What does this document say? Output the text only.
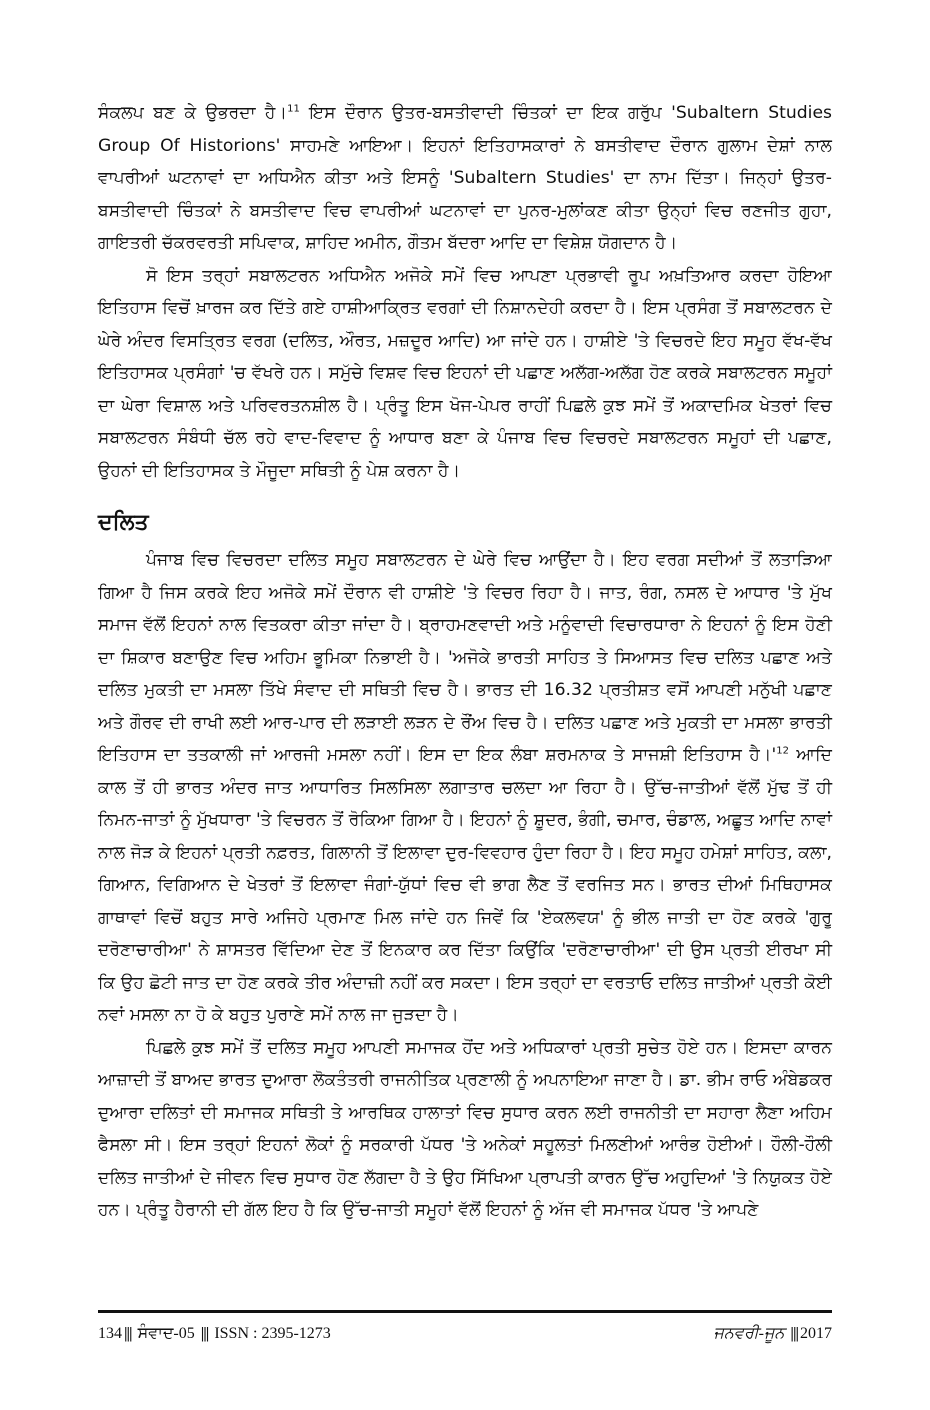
ਸੰਕਲਪ ਬਣ ਕੇ ਉਭਰਦਾ ਹੈ।$^{11}$ ਇਸ ਦੌਰਾਨ ਉਤਰ-ਬਸਤੀਵਾਦੀ ਚਿੰਤਕਾਂ ਦਾ ਇਕ ਗਰੁੱਪ 'Subaltern Studies Group Of Historions' ਸਾਹਮਣੇ ਆਇਆ। ਇਹਨਾਂ ਇਤਿਹਾਸਕਾਰਾਂ ਨੇ ਬਸਤੀਵਾਦ ਦੌਰਾਨ ਗੁਲਾਮ ਦੇਸ਼ਾਂ ਨਾਲ ਵਾਪਰੀਆਂ ਘਟਨਾਵਾਂ ਦਾ ਅਧਿਐਨ ਕੀਤਾ ਅਤੇ ਇਸਨੂੰ 'Subaltern Studies' ਦਾ ਨਾਮ ਦਿੱਤਾ। ਜਿਨ੍ਹਾਂ ਉਤਰ-ਬਸਤੀਵਾਦੀ ਚਿੰਤਕਾਂ ਨੇ ਬਸਤੀਵਾਦ ਵਿਚ ਵਾਪਰੀਆਂ ਘਟਨਾਵਾਂ ਦਾ ਪੁਨਰ-ਮੁਲਾਂਕਣ ਕੀਤਾ ਉਨ੍ਹਾਂ ਵਿਚ ਰਣਜੀਤ ਗੁਹਾ, ਗਾਇਤਰੀ ਚੱਕਰਵਰਤੀ ਸਪਿਵਾਕ, ਸ਼ਾਹਿਦ ਅਮੀਨ, ਗੌਤਮ ਬੱਦਰਾ ਆਦਿ ਦਾ ਵਿਸ਼ੇਸ਼ ਯੋਗਦਾਨ ਹੈ।

ਸੋ ਇਸ ਤਰ੍ਹਾਂ ਸਬਾਲਟਰਨ ਅਧਿਐਨ ਅਜੋਕੇ ਸਮੇਂ ਵਿਚ ਆਪਣਾ ਪ੍ਰਭਾਵੀ ਰੂਪ ਅਖ਼ਤਿਆਰ ਕਰਦਾ ਹੋਇਆ ਇਤਿਹਾਸ ਵਿਚੋਂ ਖ਼ਾਰਜ ਕਰ ਦਿੱਤੇ ਗਏ ਹਾਸ਼ੀਆਕ੍ਰਿਤ ਵਰਗਾਂ ਦੀ ਨਿਸ਼ਾਨਦੇਹੀ ਕਰਦਾ ਹੈ। ਇਸ ਪ੍ਰਸੰਗ ਤੋਂ ਸਬਾਲਟਰਨ ਦੇ ਘੇਰੇ ਅੰਦਰ ਵਿਸਤ੍ਰਿਤ ਵਰਗ (ਦਲਿਤ, ਔਰਤ, ਮਜ਼ਦੂਰ ਆਦਿ) ਆ ਜਾਂਦੇ ਹਨ। ਹਾਸ਼ੀਏ 'ਤੇ ਵਿਚਰਦੇ ਇਹ ਸਮੂਹ ਵੱਖ-ਵੱਖ ਇਤਿਹਾਸਕ ਪ੍ਰਸੰਗਾਂ 'ਚ ਵੱਖਰੇ ਹਨ। ਸਮੁੱਚੇ ਵਿਸ਼ਵ ਵਿਚ ਇਹਨਾਂ ਦੀ ਪਛਾਣ ਅਲੱਗ-ਅਲੱਗ ਹੋਣ ਕਰਕੇ ਸਬਾਲਟਰਨ ਸਮੂਹਾਂ ਦਾ ਘੇਰਾ ਵਿਸ਼ਾਲ ਅਤੇ ਪਰਿਵਰਤਨਸ਼ੀਲ ਹੈ। ਪ੍ਰੰਤੂ ਇਸ ਖੋਜ-ਪੇਪਰ ਰਾਹੀਂ ਪਿਛਲੇ ਕੁਝ ਸਮੇਂ ਤੋਂ ਅਕਾਦਮਿਕ ਖੇਤਰਾਂ ਵਿਚ ਸਬਾਲਟਰਨ ਸੰਬੰਧੀ ਚੱਲ ਰਹੇ ਵਾਦ-ਵਿਵਾਦ ਨੂੰ ਆਧਾਰ ਬਣਾ ਕੇ ਪੰਜਾਬ ਵਿਚ ਵਿਚਰਦੇ ਸਬਾਲਟਰਨ ਸਮੂਹਾਂ ਦੀ ਪਛਾਣ, ਉਹਨਾਂ ਦੀ ਇਤਿਹਾਸਕ ਤੇ ਮੌਜੂਦਾ ਸਥਿਤੀ ਨੂੰ ਪੇਸ਼ ਕਰਨਾ ਹੈ।

ਦਲਿਤ

ਪੰਜਾਬ ਵਿਚ ਵਿਚਰਦਾ ਦਲਿਤ ਸਮੂਹ ਸਬਾਲਟਰਨ ਦੇ ਘੇਰੇ ਵਿਚ ਆਉਂਦਾ ਹੈ। ਇਹ ਵਰਗ ਸਦੀਆਂ ਤੋਂ ਲਤਾੜਿਆ ਗਿਆ ਹੈ ਜਿਸ ਕਰਕੇ ਇਹ ਅਜੋਕੇ ਸਮੇਂ ਦੌਰਾਨ ਵੀ ਹਾਸ਼ੀਏ 'ਤੇ ਵਿਚਰ ਰਿਹਾ ਹੈ। ਜਾਤ, ਰੰਗ, ਨਸਲ ਦੇ ਆਧਾਰ 'ਤੇ ਮੁੱਖ ਸਮਾਜ ਵੱਲੋਂ ਇਹਨਾਂ ਨਾਲ ਵਿਤਕਰਾ ਕੀਤਾ ਜਾਂਦਾ ਹੈ। ਬ੍ਰਾਹਮਣਵਾਦੀ ਅਤੇ ਮਨੂੰਵਾਦੀ ਵਿਚਾਰਧਾਰਾ ਨੇ ਇਹਨਾਂ ਨੂੰ ਇਸ ਹੋਣੀ ਦਾ ਸ਼ਿਕਾਰ ਬਣਾਉਣ ਵਿਚ ਅਹਿਮ ਭੂਮਿਕਾ ਨਿਭਾਈ ਹੈ। 'ਅਜੋਕੇ ਭਾਰਤੀ ਸਾਹਿਤ ਤੇ ਸਿਆਸਤ ਵਿਚ ਦਲਿਤ ਪਛਾਣ ਅਤੇ ਦਲਿਤ ਮੁਕਤੀ ਦਾ ਮਸਲਾ ਤਿੱਖੇ ਸੰਵਾਦ ਦੀ ਸਥਿਤੀ ਵਿਚ ਹੈ। ਭਾਰਤ ਦੀ 16.32 ਪ੍ਰਤੀਸ਼ਤ ਵਸੋਂ ਆਪਣੀ ਮਨੁੱਖੀ ਪਛਾਣ ਅਤੇ ਗੌਰਵ ਦੀ ਰਾਖੀ ਲਈ ਆਰ-ਪਾਰ ਦੀ ਲੜਾਈ ਲੜਨ ਦੇ ਰੌਂਅ ਵਿਚ ਹੈ। ਦਲਿਤ ਪਛਾਣ ਅਤੇ ਮੁਕਤੀ ਦਾ ਮਸਲਾ ਭਾਰਤੀ ਇਤਿਹਾਸ ਦਾ ਤਤਕਾਲੀ ਜਾਂ ਆਰਜੀ ਮਸਲਾ ਨਹੀਂ। ਇਸ ਦਾ ਇਕ ਲੰਬਾ ਸ਼ਰਮਨਾਕ ਤੇ ਸਾਜਸ਼ੀ ਇਤਿਹਾਸ $ਹੈ।'^{12}$ ਆਦਿ ਕਾਲ ਤੋਂ ਹੀ ਭਾਰਤ ਅੰਦਰ ਜਾਤ ਆਧਾਰਿਤ ਸਿਲਸਿਲਾ ਲਗਾਤਾਰ ਚਲਦਾ ਆ ਰਿਹਾ ਹੈ। ਉੱਚ-ਜਾਤੀਆਂ ਵੱਲੋਂ ਮੁੱਢ ਤੋਂ ਹੀ ਨਿਮਨ-ਜਾਤਾਂ ਨੂੰ ਮੁੱਖਧਾਰਾ 'ਤੇ ਵਿਚਰਨ ਤੋਂ ਰੋਕਿਆ ਗਿਆ ਹੈ। ਇਹਨਾਂ ਨੂੰ ਸ਼ੂਦਰ, ਭੰਗੀ, ਚਮਾਰ, ਚੰਡਾਲ, ਅਛੂਤ ਆਦਿ ਨਾਵਾਂ ਨਾਲ ਜੋੜ ਕੇ ਇਹਨਾਂ ਪ੍ਰਤੀ ਨਫ਼ਰਤ, ਗਿਲਾਨੀ ਤੋਂ ਇਲਾਵਾ ਦੁਰ-ਵਿਵਹਾਰ ਹੁੰਦਾ ਰਿਹਾ ਹੈ। ਇਹ ਸਮੂਹ ਹਮੇਸ਼ਾਂ ਸਾਹਿਤ, ਕਲਾ, ਗਿਆਨ, ਵਿਗਿਆਨ ਦੇ ਖੇਤਰਾਂ ਤੋਂ ਇਲਾਵਾ ਜੰਗਾਂ-ਯੁੱਧਾਂ ਵਿਚ ਵੀ ਭਾਗ ਲੈਣ ਤੋਂ ਵਰਜਿਤ ਸਨ। ਭਾਰਤ ਦੀਆਂ ਮਿਥਿਹਾਸਕ ਗਾਥਾਵਾਂ ਵਿਚੋਂ ਬਹੁਤ ਸਾਰੇ ਅਜਿਹੇ ਪ੍ਰਮਾਣ ਮਿਲ ਜਾਂਦੇ ਹਨ ਜਿਵੇਂ ਕਿ 'ਏਕਲਵਯ' ਨੂੰ ਭੀਲ ਜਾਤੀ ਦਾ ਹੋਣ ਕਰਕੇ 'ਗੁਰੂ ਦਰੋਣਾਚਾਰੀਆ' ਨੇ ਸ਼ਾਸਤਰ ਵਿੱਦਿਆ ਦੇਣ ਤੋਂ ਇਨਕਾਰ ਕਰ ਦਿੱਤਾ ਕਿਉਂਕਿ 'ਦਰੋਣਾਚਾਰੀਆ' ਦੀ ਉਸ ਪ੍ਰਤੀ ਈਰਖਾ ਸੀ ਕਿ ਉਹ ਛੋਟੀ ਜਾਤ ਦਾ ਹੋਣ ਕਰਕੇ ਤੀਰ ਅੰਦਾਜ਼ੀ ਨਹੀਂ ਕਰ ਸਕਦਾ। ਇਸ ਤਰ੍ਹਾਂ ਦਾ ਵਰਤਾਓ ਦਲਿਤ ਜਾਤੀਆਂ ਪ੍ਰਤੀ ਕੋਈ ਨਵਾਂ ਮਸਲਾ ਨਾ ਹੋ ਕੇ ਬਹੁਤ ਪੁਰਾਣੇ ਸਮੇਂ ਨਾਲ ਜਾ ਜੁੜਦਾ ਹੈ।

ਪਿਛਲੇ ਕੁਝ ਸਮੇਂ ਤੋਂ ਦਲਿਤ ਸਮੂਹ ਆਪਣੀ ਸਮਾਜਕ ਹੋਂਦ ਅਤੇ ਅਧਿਕਾਰਾਂ ਪ੍ਰਤੀ ਸੁਚੇਤ ਹੋਏ ਹਨ। ਇਸਦਾ ਕਾਰਨ ਆਜ਼ਾਦੀ ਤੋਂ ਬਾਅਦ ਭਾਰਤ ਦੁਆਰਾ ਲੋਕਤੰਤਰੀ ਰਾਜਨੀਤਿਕ ਪ੍ਰਣਾਲੀ ਨੂੰ ਅਪਨਾਇਆ ਜਾਣਾ ਹੈ। ਡਾ. ਭੀਮ ਰਾਓ ਅੰਬੇਡਕਰ ਦੁਆਰਾ ਦਲਿਤਾਂ ਦੀ ਸਮਾਜਕ ਸਥਿਤੀ ਤੇ ਆਰਥਿਕ ਹਾਲਾਤਾਂ ਵਿਚ ਸੁਧਾਰ ਕਰਨ ਲਈ ਰਾਜਨੀਤੀ ਦਾ ਸਹਾਰਾ ਲੈਣਾ ਅਹਿਮ ਫੈਸਲਾ ਸੀ। ਇਸ ਤਰ੍ਹਾਂ ਇਹਨਾਂ ਲੋਕਾਂ ਨੂੰ ਸਰਕਾਰੀ ਪੱਧਰ 'ਤੇ ਅਨੇਕਾਂ ਸਹੂਲਤਾਂ ਮਿਲਣੀਆਂ ਆਰੰਭ ਹੋਈਆਂ। ਹੌਲੀ-ਹੌਲੀ ਦਲਿਤ ਜਾਤੀਆਂ ਦੇ ਜੀਵਨ ਵਿਚ ਸੁਧਾਰ ਹੋਣ ਲੱਗਦਾ ਹੈ ਤੇ ਉਹ ਸਿੱਖਿਆ ਪ੍ਰਾਪਤੀ ਕਾਰਨ ਉੱਚ ਅਹੁਦਿਆਂ 'ਤੇ ਨਿਯੁਕਤ ਹੋਏ ਹਨ। ਪ੍ਰੰਤੂ ਹੈਰਾਨੀ ਦੀ ਗੱਲ ਇਹ ਹੈ ਕਿ ਉੱਚ-ਜਾਤੀ ਸਮੂਹਾਂ ਵੱਲੋਂ ਇਹਨਾਂ ਨੂੰ ਅੱਜ ਵੀ ਸਮਾਜਕ ਪੱਧਰ 'ਤੇ ਆਪਣੇ

134 ||| ਸੰਵਾਦ-05 ||| ISSN : 2395-1273	ਜਨਵਰੀ-ਜੂਨ ||| 2017
